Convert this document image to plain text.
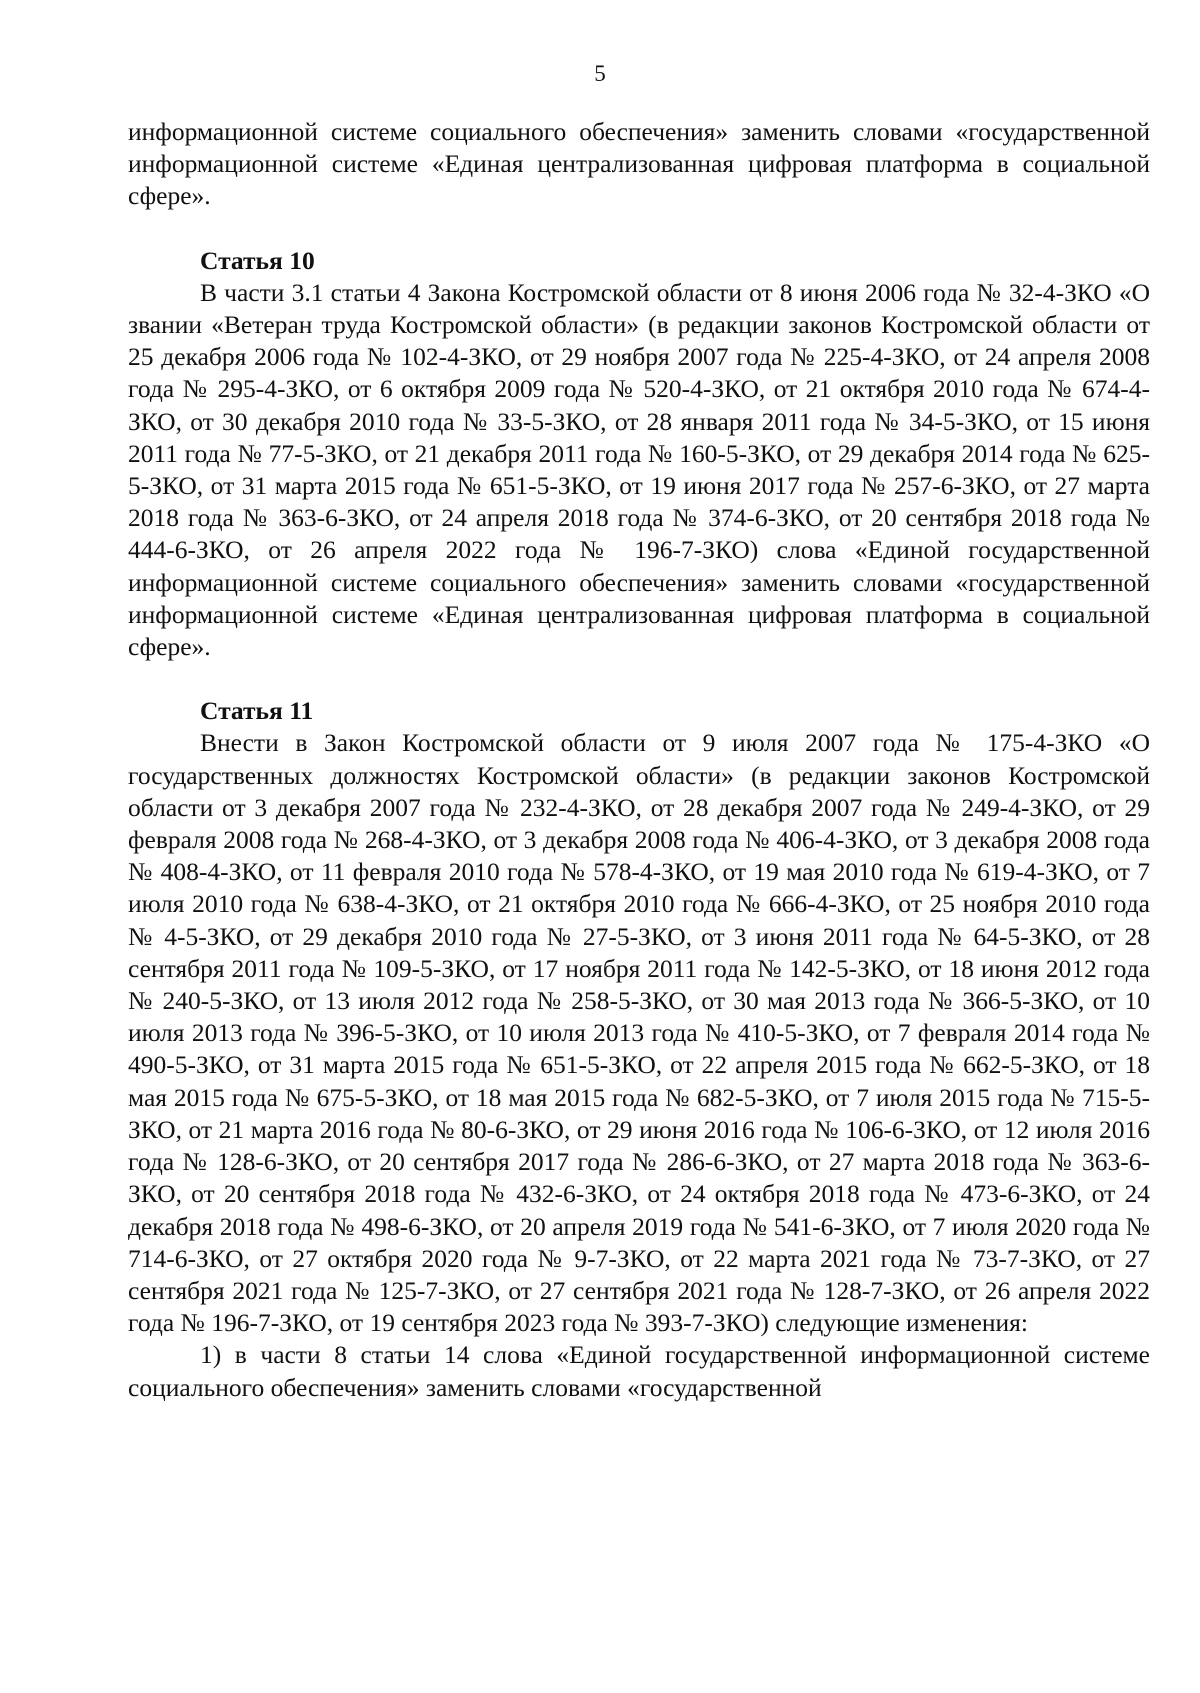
5

информационной системе социального обеспечения» заменить словами «государственной информационной системе «Единая централизованная цифровая платформа в социальной сфере».

Статья 10

В части 3.1 статьи 4 Закона Костромской области от 8 июня 2006 года № 32-4-ЗКО «О звании «Ветеран труда Костромской области» (в редакции законов Костромской области от 25 декабря 2006 года № 102-4-ЗКО, от 29 ноября 2007 года № 225-4-ЗКО, от 24 апреля 2008 года № 295-4-ЗКО, от 6 октября 2009 года № 520-4-ЗКО, от 21 октября 2010 года № 674-4-ЗКО, от 30 декабря 2010 года № 33-5-ЗКО, от 28 января 2011 года № 34-5-ЗКО, от 15 июня 2011 года № 77-5-ЗКО, от 21 декабря 2011 года № 160-5-ЗКО, от 29 декабря 2014 года № 625-5-ЗКО, от 31 марта 2015 года № 651-5-ЗКО, от 19 июня 2017 года № 257-6-ЗКО, от 27 марта 2018 года № 363-6-ЗКО, от 24 апреля 2018 года № 374-6-ЗКО, от 20 сентября 2018 года № 444-6-ЗКО, от 26 апреля 2022 года № 196-7-ЗКО) слова «Единой государственной информационной системе социального обеспечения» заменить словами «государственной информационной системе «Единая централизованная цифровая платформа в социальной сфере».

Статья 11

Внести в Закон Костромской области от 9 июля 2007 года № 175-4-ЗКО «О государственных должностях Костромской области» (в редакции законов Костромской области от 3 декабря 2007 года № 232-4-ЗКО, от 28 декабря 2007 года № 249-4-ЗКО, от 29 февраля 2008 года № 268-4-ЗКО, от 3 декабря 2008 года № 406-4-ЗКО, от 3 декабря 2008 года № 408-4-ЗКО, от 11 февраля 2010 года № 578-4-ЗКО, от 19 мая 2010 года № 619-4-ЗКО, от 7 июля 2010 года № 638-4-ЗКО, от 21 октября 2010 года № 666-4-ЗКО, от 25 ноября 2010 года № 4-5-ЗКО, от 29 декабря 2010 года № 27-5-ЗКО, от 3 июня 2011 года № 64-5-ЗКО, от 28 сентября 2011 года № 109-5-ЗКО, от 17 ноября 2011 года № 142-5-ЗКО, от 18 июня 2012 года № 240-5-ЗКО, от 13 июля 2012 года № 258-5-ЗКО, от 30 мая 2013 года № 366-5-ЗКО, от 10 июля 2013 года № 396-5-ЗКО, от 10 июля 2013 года № 410-5-ЗКО, от 7 февраля 2014 года № 490-5-ЗКО, от 31 марта 2015 года № 651-5-ЗКО, от 22 апреля 2015 года № 662-5-ЗКО, от 18 мая 2015 года № 675-5-ЗКО, от 18 мая 2015 года № 682-5-ЗКО, от 7 июля 2015 года № 715-5-ЗКО, от 21 марта 2016 года № 80-6-ЗКО, от 29 июня 2016 года № 106-6-ЗКО, от 12 июля 2016 года № 128-6-ЗКО, от 20 сентября 2017 года № 286-6-ЗКО, от 27 марта 2018 года № 363-6-ЗКО, от 20 сентября 2018 года № 432-6-ЗКО, от 24 октября 2018 года № 473-6-ЗКО, от 24 декабря 2018 года № 498-6-ЗКО, от 20 апреля 2019 года № 541-6-ЗКО, от 7 июля 2020 года № 714-6-ЗКО, от 27 октября 2020 года № 9-7-ЗКО, от 22 марта 2021 года № 73-7-ЗКО, от 27 сентября 2021 года № 125-7-ЗКО, от 27 сентября 2021 года № 128-7-ЗКО, от 26 апреля 2022 года № 196-7-ЗКО, от 19 сентября 2023 года № 393-7-ЗКО) следующие изменения:

1) в части 8 статьи 14 слова «Единой государственной информационной системе социального обеспечения» заменить словами «государственной
